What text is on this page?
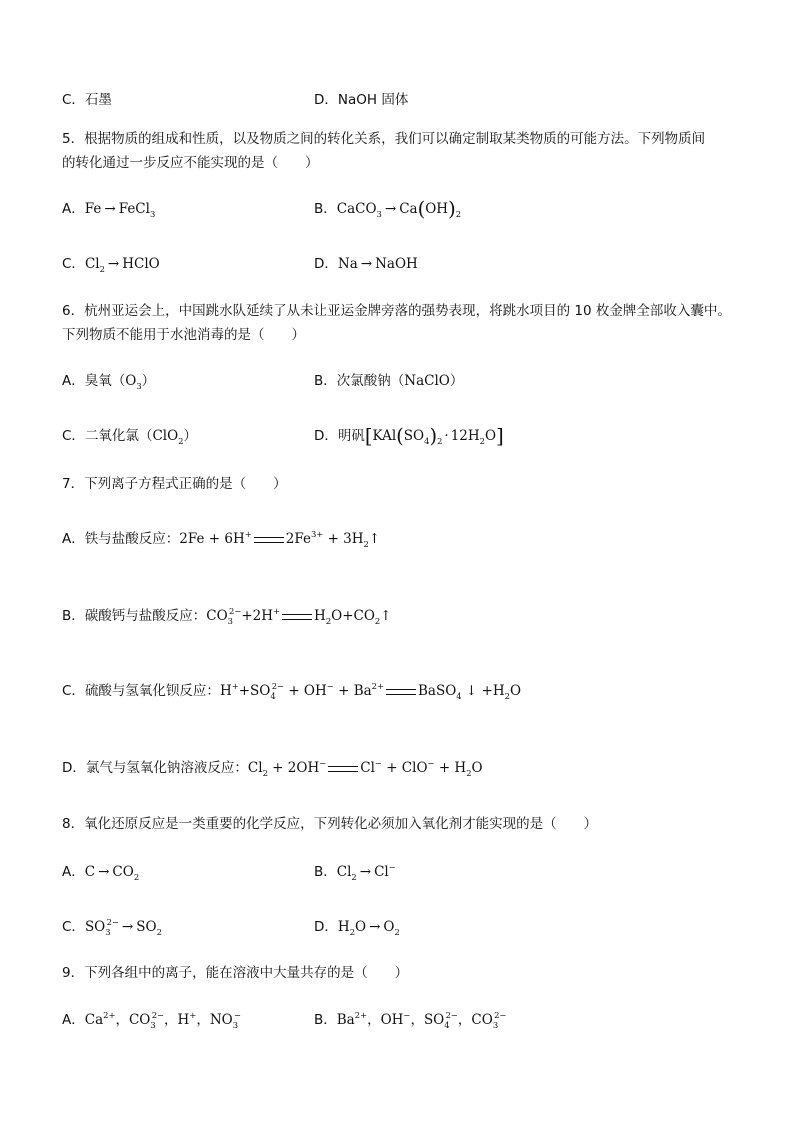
C．石墨	D．NaOH 固体
5．根据物质的组成和性质，以及物质之间的转化关系，我们可以确定制取某类物质的可能方法。下列物质间
的转化通过一步反应不能实现的是（　　）
A．Fe → FeCl$_3$	B．CaCO$_3$ → $Ca(OH)_2$
C．$Cl_2$ → HClO	D．Na → NaOH
6．杭州亚运会上，中国跳水队延续了从未让亚运金牌旁落的强势表现，将跳水项目的 10 枚金牌全部收入囊中。
下列物质不能用于水池消毒的是（　　）
A．臭氧$(O_3)$	B．次氯酸钠（NaClO）
C．二氧化氯（ClO$_2$）	D．明矾$[KAl(SO_4)_2 \cdot 12H_2O]$
7．下列离子方程式正确的是（　　）
A．铁与盐酸反应：2Fe + 6H+	$2Fe^{3+}$ + $3H_2↑$
B．碳酸钙与盐酸反应：$CO_3^{2-}+2H^+$	$H_2O+CO_2↑$
C．硫酸与氢氧化钡反应：$H^++SO_4^{2-} + OH^- + Ba^{2+}$	BaSO$_4$ ↓ $+H_2O$
D．氯气与氢氧化钠溶液反应：$Cl_2 + 2OH^-$	$Cl^- + ClO^- + H_2O$
8．氧化还原反应是一类重要的化学反应，下列转化必须加入氧化剂才能实现的是（　　）
A．$C \to CO_2$	B．$Cl_2 \to Cl^-$
C．$SO_3^{2-} \to SO_2$	D．$H_2O \to O_2$
9．下列各组中的离子，能在溶液中大量共存的是（　　）
A．$Ca^{2+}$，$CO_3^{2-}$，H+，$NO_3^-$	B．$Ba^{2+}$，OH−，$SO_4^{2-}$，$CO_3^{2-}$
